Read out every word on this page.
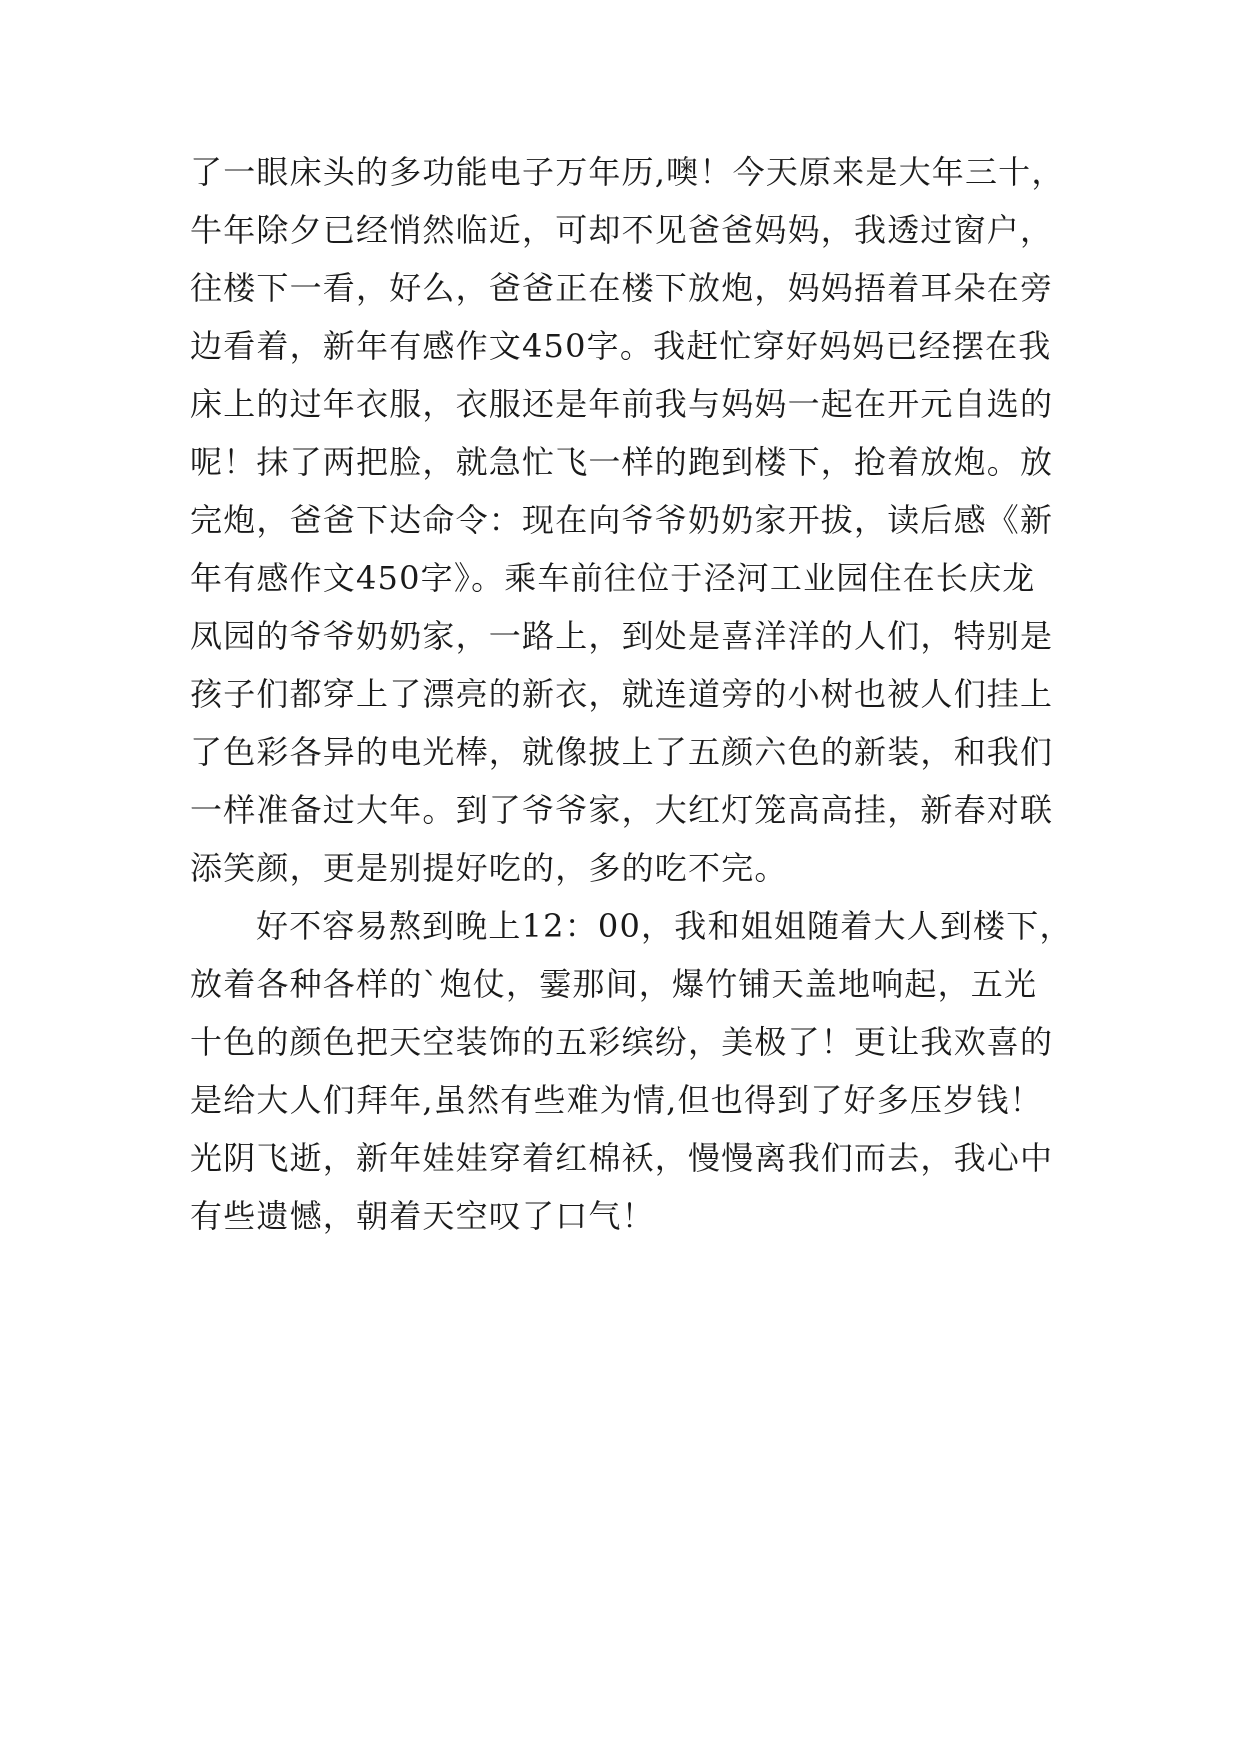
了一眼床头的多功能电子万年历,噢！今天原来是大年三十，
牛年除夕已经悄然临近，可却不见爸爸妈妈，我透过窗户，
往楼下一看，好么，爸爸正在楼下放炮，妈妈捂着耳朵在旁
边看着，新年有感作文450字。我赶忙穿好妈妈已经摆在我
床上的过年衣服，衣服还是年前我与妈妈一起在开元自选的
呢！抹了两把脸，就急忙飞一样的跑到楼下，抢着放炮。放
完炮，爸爸下达命令：现在向爷爷奶奶家开拔，读后感《新
年有感作文450字》。乘车前往位于泾河工业园住在长庆龙
凤园的爷爷奶奶家，一路上，到处是喜洋洋的人们，特别是
孩子们都穿上了漂亮的新衣，就连道旁的小树也被人们挂上
了色彩各异的电光棒，就像披上了五颜六色的新装，和我们
一样准备过大年。到了爷爷家，大红灯笼高高挂，新春对联
添笑颜，更是别提好吃的，多的吃不完。
好不容易熬到晚上12：00，我和姐姐随着大人到楼下，
放着各种各样的`炮仗，霎那间，爆竹铺天盖地响起，五光
十色的颜色把天空装饰的五彩缤纷，美极了！更让我欢喜的
是给大人们拜年,虽然有些难为情,但也得到了好多压岁钱！
光阴飞逝，新年娃娃穿着红棉袄，慢慢离我们而去，我心中
有些遗憾，朝着天空叹了口气！
